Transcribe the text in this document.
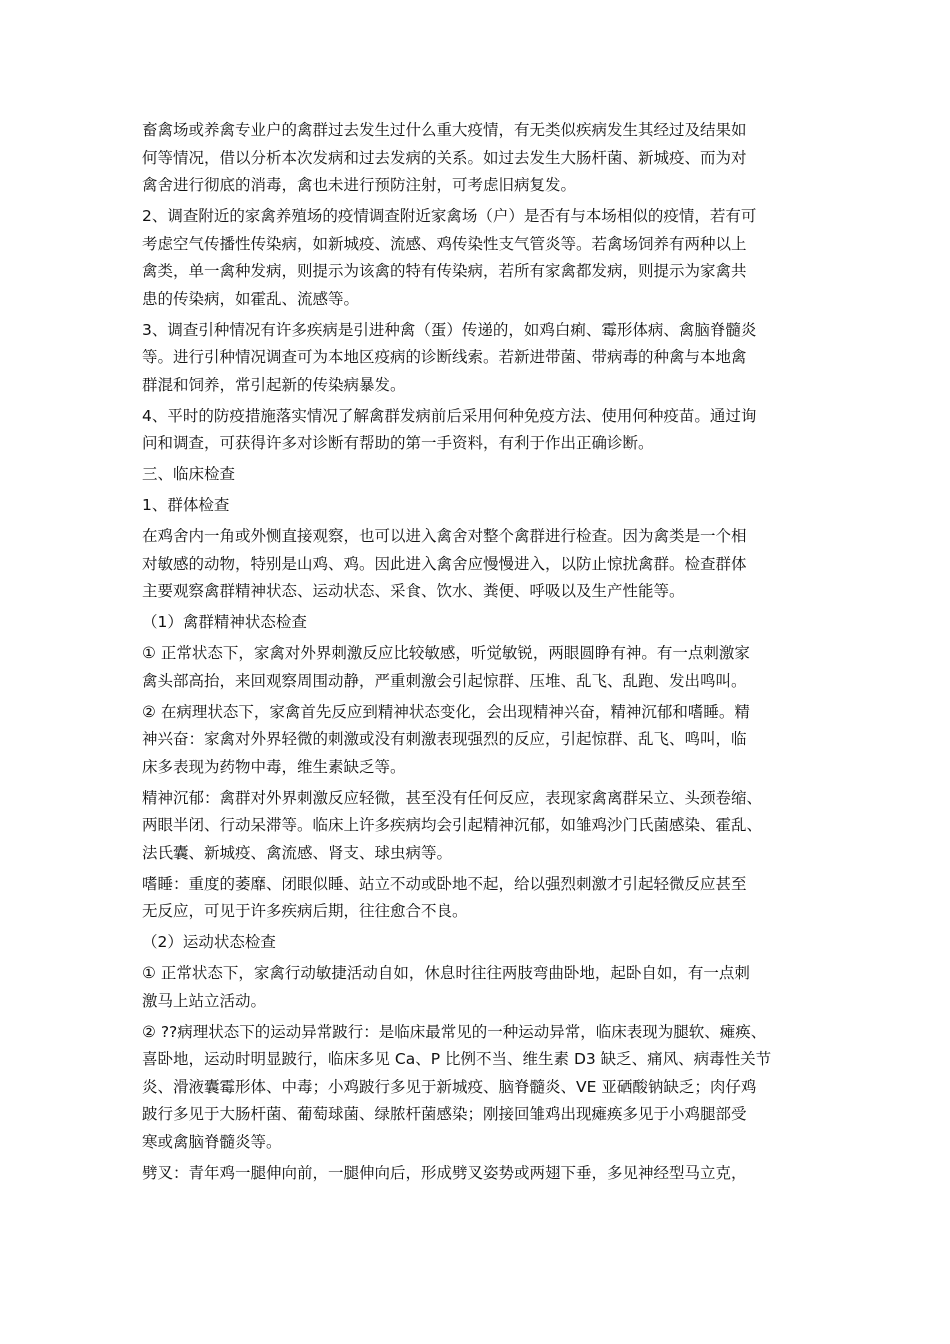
畜禽场或养禽专业户的禽群过去发生过什么重大疫情，有无类似疾病发生其经过及结果如
何等情况，借以分析本次发病和过去发病的关系。如过去发生大肠杆菌、新城疫、而为对
禽舍进行彻底的消毒，禽也未进行预防注射，可考虑旧病复发。
2、调查附近的家禽养殖场的疫情调查附近家禽场（户）是否有与本场相似的疫情，若有可
考虑空气传播性传染病，如新城疫、流感、鸡传染性支气管炎等。若禽场饲养有两种以上
禽类，单一禽种发病，则提示为该禽的特有传染病，若所有家禽都发病，则提示为家禽共
患的传染病，如霍乱、流感等。
3、调查引种情况有许多疾病是引进种禽（蛋）传递的，如鸡白痢、霉形体病、禽脑脊髓炎
等。进行引种情况调查可为本地区疫病的诊断线索。若新进带菌、带病毒的种禽与本地禽
群混和饲养，常引起新的传染病暴发。
4、平时的防疫措施落实情况了解禽群发病前后采用何种免疫方法、使用何种疫苗。通过询
问和调查，可获得许多对诊断有帮助的第一手资料，有利于作出正确诊断。
三、临床检查
1、群体检查
在鸡舍内一角或外恻直接观察，也可以进入禽舍对整个禽群进行检查。因为禽类是一个相
对敏感的动物，特别是山鸡、鸡。因此进入禽舍应慢慢进入，以防止惊扰禽群。检查群体
主要观察禽群精神状态、运动状态、采食、饮水、粪便、呼吸以及生产性能等。
（1）禽群精神状态检查
① 正常状态下，家禽对外界刺激反应比较敏感，听觉敏锐，两眼圆睁有神。有一点刺激家
禽头部高抬，来回观察周围动静，严重刺激会引起惊群、压堆、乱飞、乱跑、发出鸣叫。
② 在病理状态下，家禽首先反应到精神状态变化，会出现精神兴奋，精神沉郁和嗜睡。精
神兴奋：家禽对外界轻微的刺激或没有刺激表现强烈的反应，引起惊群、乱飞、鸣叫，临
床多表现为药物中毒，维生素缺乏等。
精神沉郁：禽群对外界刺激反应轻微，甚至没有任何反应，表现家禽离群呆立、头颈卷缩、
两眼半闭、行动呆滞等。临床上许多疾病均会引起精神沉郁，如雏鸡沙门氏菌感染、霍乱、
法氏囊、新城疫、禽流感、肾支、球虫病等。
嗜睡：重度的萎靡、闭眼似睡、站立不动或卧地不起，给以强烈刺激才引起轻微反应甚至
无反应，可见于许多疾病后期，往往愈合不良。
（2）运动状态检查
① 正常状态下，家禽行动敏捷活动自如，休息时往往两肢弯曲卧地，起卧自如，有一点刺
激马上站立活动。
② ??病理状态下的运动异常跛行：是临床最常见的一种运动异常，临床表现为腿软、瘫痪、
喜卧地，运动时明显跛行，临床多见 Ca、P 比例不当、维生素 D3 缺乏、痛风、病毒性关节
炎、滑液囊霉形体、中毒；小鸡跛行多见于新城疫、脑脊髓炎、VE 亚硒酸钠缺乏；肉仔鸡
跛行多见于大肠杆菌、葡萄球菌、绿脓杆菌感染；刚接回雏鸡出现瘫痪多见于小鸡腿部受
寒或禽脑脊髓炎等。
劈叉：青年鸡一腿伸向前，一腿伸向后，形成劈叉姿势或两翅下垂，多见神经型马立克，
